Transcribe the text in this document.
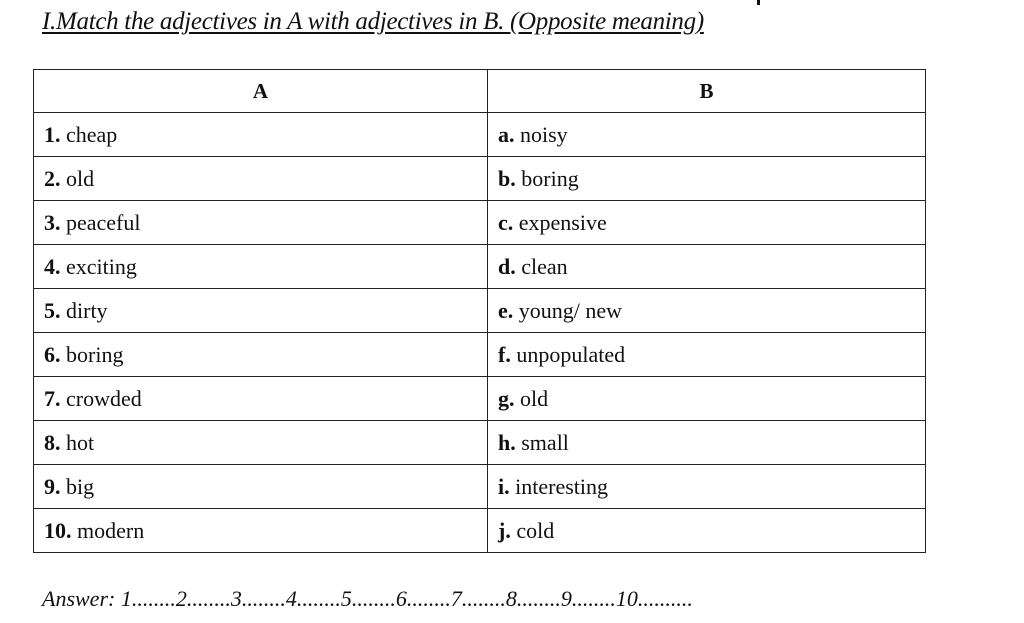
I.Match the adjectives in A with adjectives in B. (Opposite meaning)
A	B
1. cheap	a. noisy
2. old	b. boring
3. peaceful	c. expensive
4. exciting	d. clean
5. dirty	e. young/ new
6. boring	f. unpopulated
7. crowded	g. old
8. hot	h. small
9. big	i. interesting
10. modern	j. cold
Answer: 1........2........3........4........5........6........7........8........9........10..........
